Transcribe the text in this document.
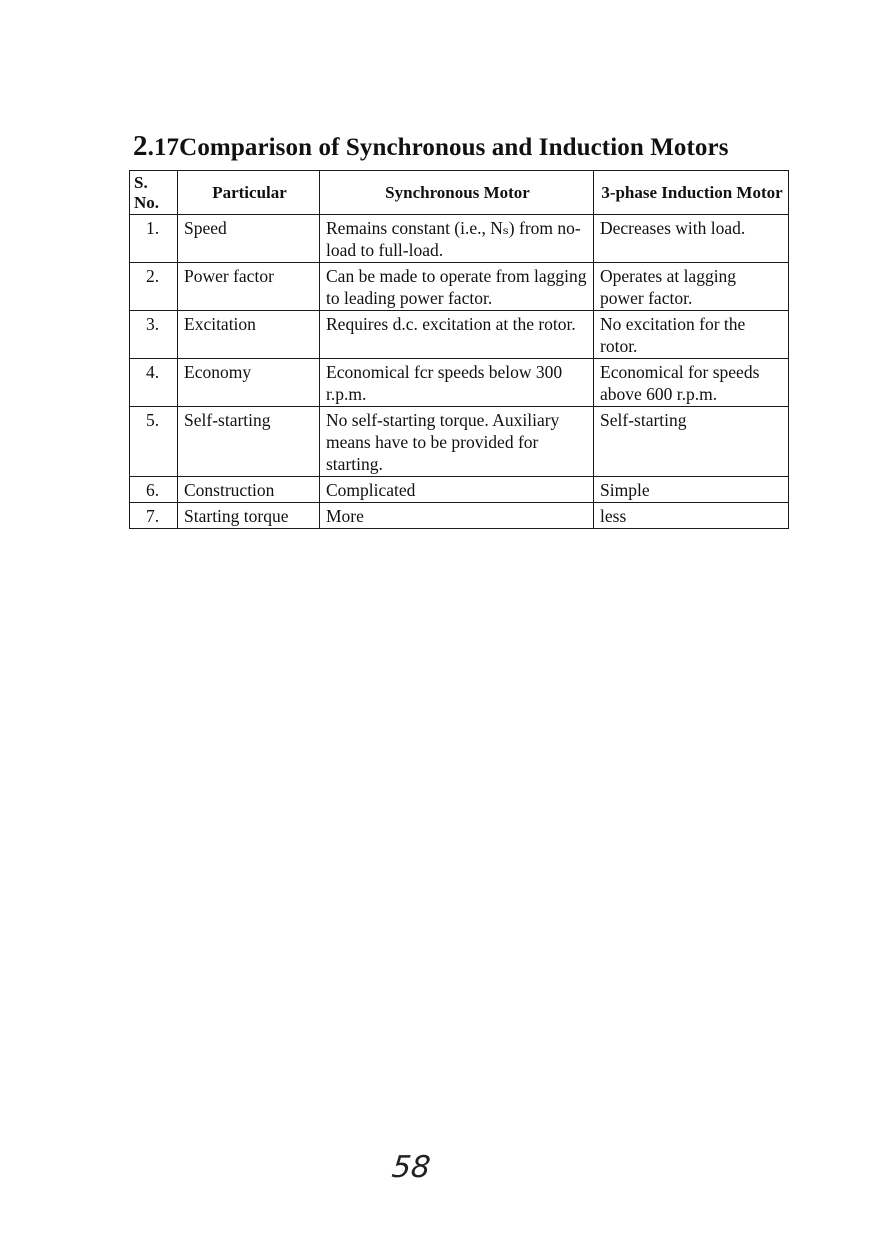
2.17Comparison of Synchronous and Induction Motors
S. No.	Particular	Synchronous Motor	3-phase Induction Motor
1.	Speed	Remains constant (i.e., Nₛ) from no-load to full-load.	Decreases with load.
2.	Power factor	Can be made to operate from lagging to leading power factor.	Operates at lagging power factor.
3.	Excitation	Requires d.c. excitation at the rotor.	No excitation for the rotor.
4.	Economy	Economical fcr speeds below 300 r.p.m.	Economical for speeds above 600 r.p.m.
5.	Self-starting	No self-starting torque. Auxiliary means have to be provided for starting.	Self-starting
6.	Construction	Complicated	Simple
7.	Starting torque	More	less
58
